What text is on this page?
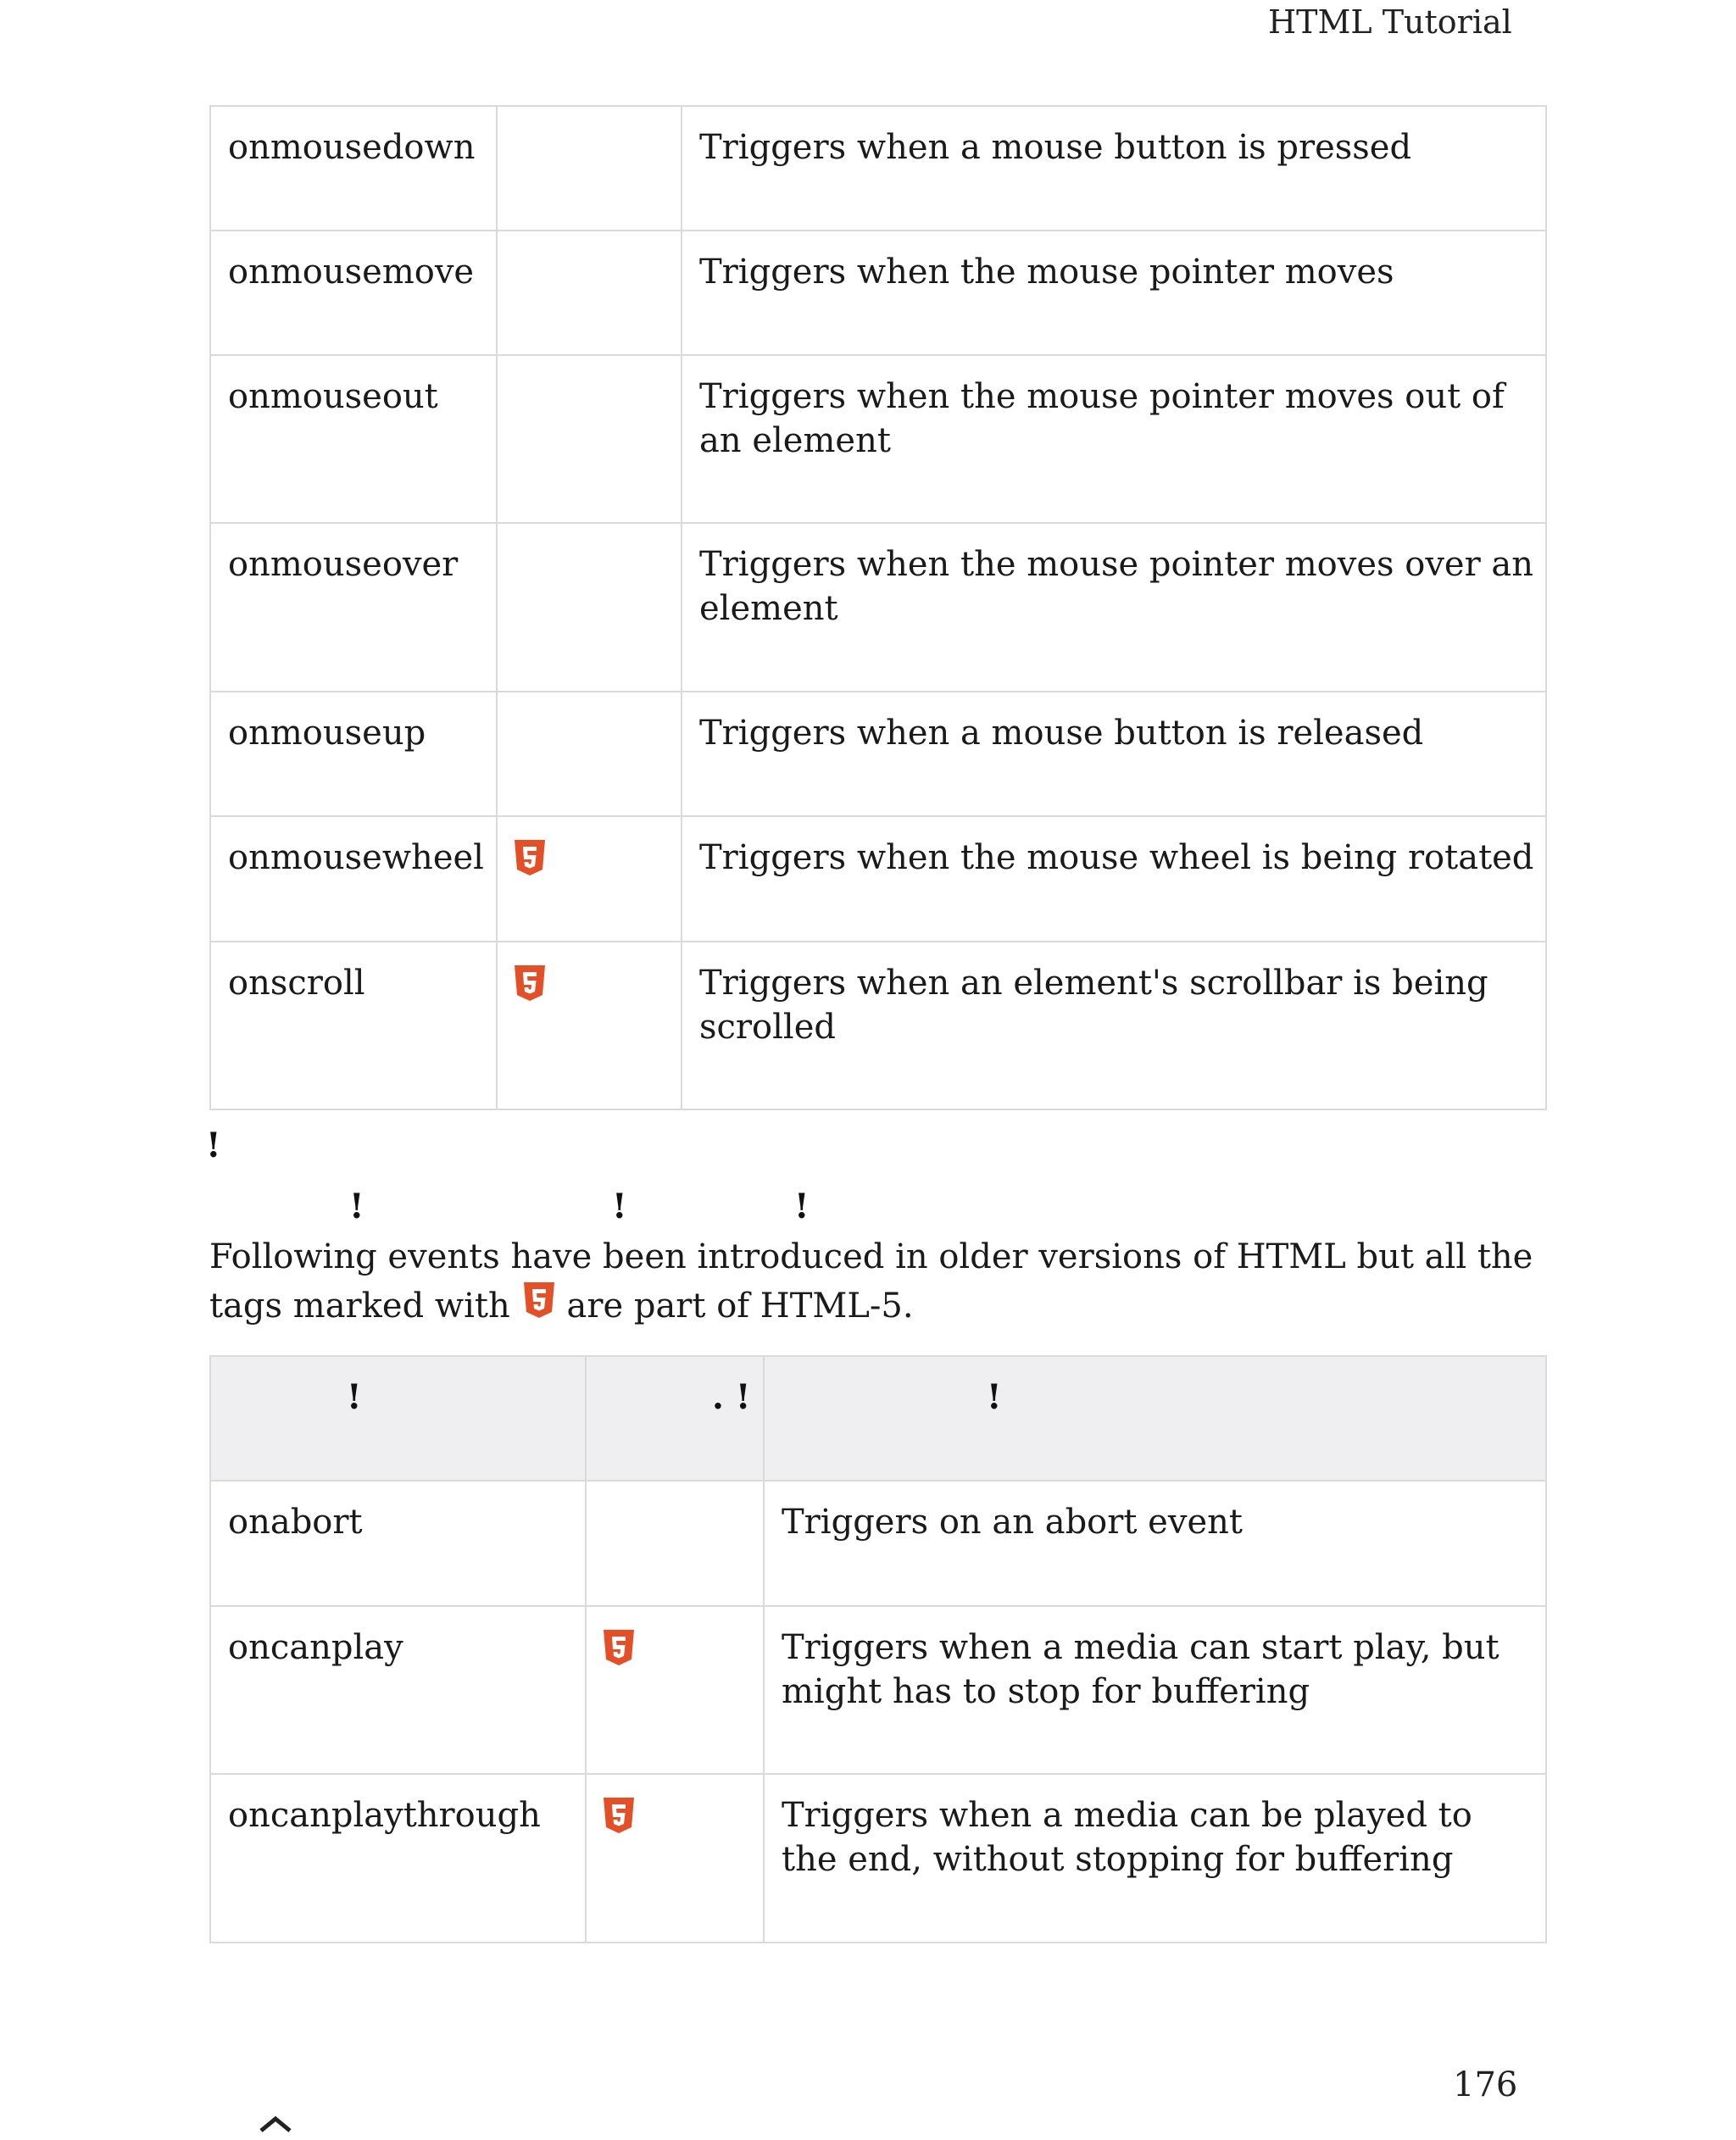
HTML Tutorial
onmousedown		Triggers when a mouse button is pressed
onmousemove		Triggers when the mouse pointer moves
onmouseout		Triggers when the mouse pointer moves out of an element
onmouseover		Triggers when the mouse pointer moves over an element
onmouseup		Triggers when a mouse button is released
onmousewheel		Triggers when the mouse wheel is being rotated
onscroll		Triggers when an element's scrollbar is being scrolled
!
!	!	!
Following events have been introduced in older versions of HTML but all the tags marked with are part of HTML-5.
!	. !	!

onabort		Triggers on an abort event
oncanplay		Triggers when a media can start play, but might has to stop for buffering
oncanplaythrough		Triggers when a media can be played to the end, without stopping for buffering
176
